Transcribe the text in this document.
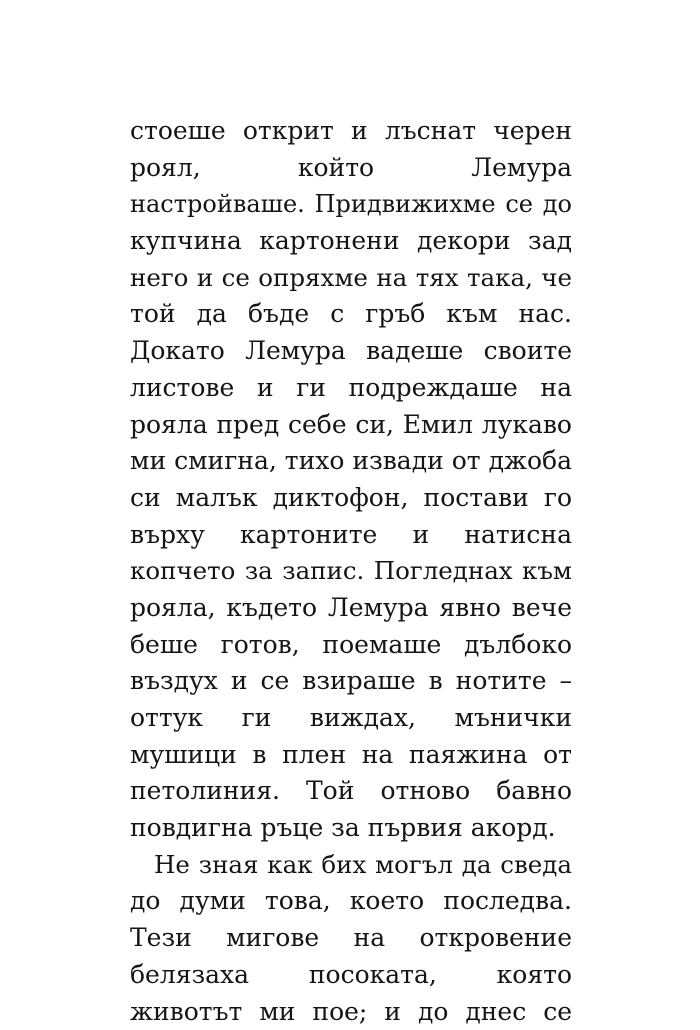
стоеше открит и лъснат черен
роял, който Лемура
настройваше. Придвижихме се до
купчина картонени декори зад
него и се опряхме на тях така, че
той да бъде с гръб към нас.
Докато Лемура вадеше своите
листове и ги подреждаше на
рояла пред себе си, Емил лукаво
ми смигна, тихо извади от джоба
си малък диктофон, постави го
върху картоните и натисна
копчето за запис. Погледнах към
рояла, където Лемура явно вече
беше готов, поемаше дълбоко
въздух и се взираше в нотите –
оттук ги виждах, мънички
мушици в плен на паяжина от
петолиния. Той отново бавно
повдигна ръце за първия акорд.
Не зная как бих могъл да сведа
до думи това, което последва.
Тези мигове на откровение
белязаха посоката, която
животът ми пое; и до днес се
